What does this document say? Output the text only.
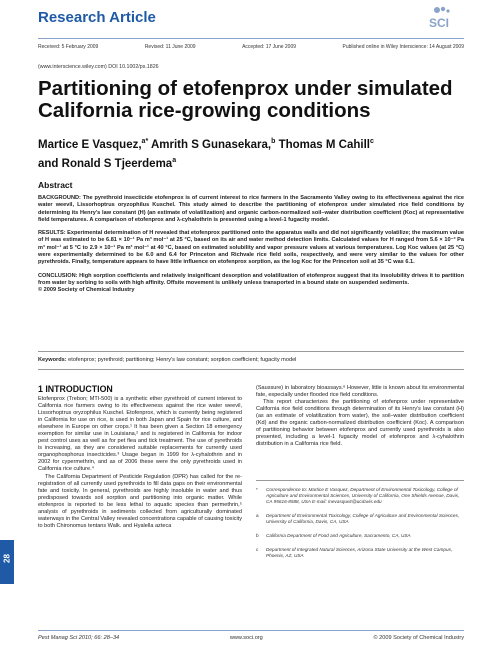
Research Article	SCI
Received: 5 February 2009	Revised: 11 June 2009	Accepted: 17 June 2009	Published online in Wiley Interscience: 14 August 2009
(www.interscience.wiley.com) DOI 10.1002/ps.1826
Partitioning of etofenprox under simulated California rice-growing conditions
Martice E Vasquez,$^{a*}$ Amrith S Gunasekara,$^b$ Thomas M Cahill$^c$
and Ronald S Tjeerdema$^a$
Abstract

BACKGROUND: The pyrethroid insecticide etofenprox is of current interest to rice farmers in the Sacramento Valley owing to its effectiveness against the rice water weevil, Lissorhoptrus oryzophilus Kuschel. This study aimed to describe the partitioning of etofenprox under simulated rice field conditions by determining its Henry's law constant (H) (an estimate of volatilization) and organic carbon-normalized soil–water distribution coefficient (Koc) at representative field temperatures. A comparison of etofenprox and λ-cyhalothrin is presented using a level-1 fugacity model.

RESULTS: Experimental determination of H revealed that etofenprox partitioned onto the apparatus walls and did not significantly volatilize; the maximum value of H was estimated to be 6.81 × 10⁻¹ Pa m³ mol⁻¹ at 25 °C, based on its air and water method detection limits. Calculated values for H ranged from 5.6 × 10⁻³ Pa m³ mol⁻¹ at 5 °C to 2.9 × 10⁻¹ Pa m³ mol⁻¹ at 40 °C, based on estimated solubility and vapor pressure values at various temperatures. Log Koc values (at 25 °C) were experimentally determined to be 6.0 and 6.4 for Princeton and Richvale rice field soils, respectively, and were very similar to the values for other pyrethroids. Finally, temperature appears to have little influence on etofenprox sorption, as the log Koc for the Princeton soil at 35 °C was 6.1.

CONCLUSION: High sorption coefficients and relatively insignificant desorption and volatilization of etofenprox suggest that its insolubility drives it to partition from water by sorbing to soils with high affinity. Offsite movement is unlikely unless transported in a bound state on suspended sediments.

© 2009 Society of Chemical Industry

Keywords: etofenprox; pyrethroid; partitioning; Henry's law constant; sorption coefficient; fugacity model
1 INTRODUCTION

Etofenprox (Trebon; MTI-500) is a synthetic ether pyrethroid of current interest to California rice farmers owing to its effectiveness against the rice water weevil, Lissorhoptrus oryzophilus Kuschel. Etofenprox, which is currently being registered in California for use on rice, is used in both Japan and Spain for rice culture, and elsewhere in Europe on other crops.¹ It has been given a Section 18 emergency exemption for similar use in Louisiana,² and is registered in California for indoor pest control uses as well as for pet flea and tick treatment. The use of pyrethroids is increasing, as they are considered suitable replacements for currently used organophosphorus insecticides.³ Usage began in 1999 for λ-cyhalothrin and in 2002 for cypermethrin, and as of 2006 these were the only pyrethroids used in California rice culture.⁴

The California Department of Pesticide Regulation (DPR) has called for the re-registration of all currently used pyrethroids to fill data gaps on their environmental fate and toxicity. In general, pyrethroids are highly insoluble in water and thus predisposed towards soil sorption and partitioning into organic matter. While etofenprox is reported to be less lethal to aquatic species than permethrin,⁵ analysis of pyrethroids in sediments collected from agriculturally dominated waterways in the Central Valley revealed concentrations capable of causing toxicity to both Chironomus tentans Walk. and Hyalella azteca

(Saussure) in laboratory bioassays.⁶ However, little is known about its environmental fate, especially under flooded rice field conditions.

This report characterizes the partitioning of etofenprox under representative California rice field conditions through determination of its Henry's law constant (H) (as an estimate of volatilization from water), the soil–water distribution coefficient (Kd) and the organic carbon-normalized distribution coefficient (Koc). A comparison of partitioning behavior between etofenprox and currently used pyrethroids is also presented, including a level-1 fugacity model of etofenprox and λ-cyhalothrin distribution in a California rice field.

*	Correspondence to: Martice E Vasquez, Department of Environmental Toxicology, College of Agriculture and Environmental Sciences, University of California, One Shields Avenue, Davis, CA 95616-8588, USA E-mail: mevasquez@ucdavis.edu
a	Department of Environmental Toxicology, College of Agriculture and Environmental Sciences, University of California, Davis, CA, USA
b	California Department of Food and Agriculture, Sacramento, CA, USA
c	Department of Integrated Natural Sciences, Arizona State University at the West Campus, Phoenix, AZ, USA
28
Pest Manag Sci 2010; 66: 28–34	www.soci.org	© 2009 Society of Chemical Industry
